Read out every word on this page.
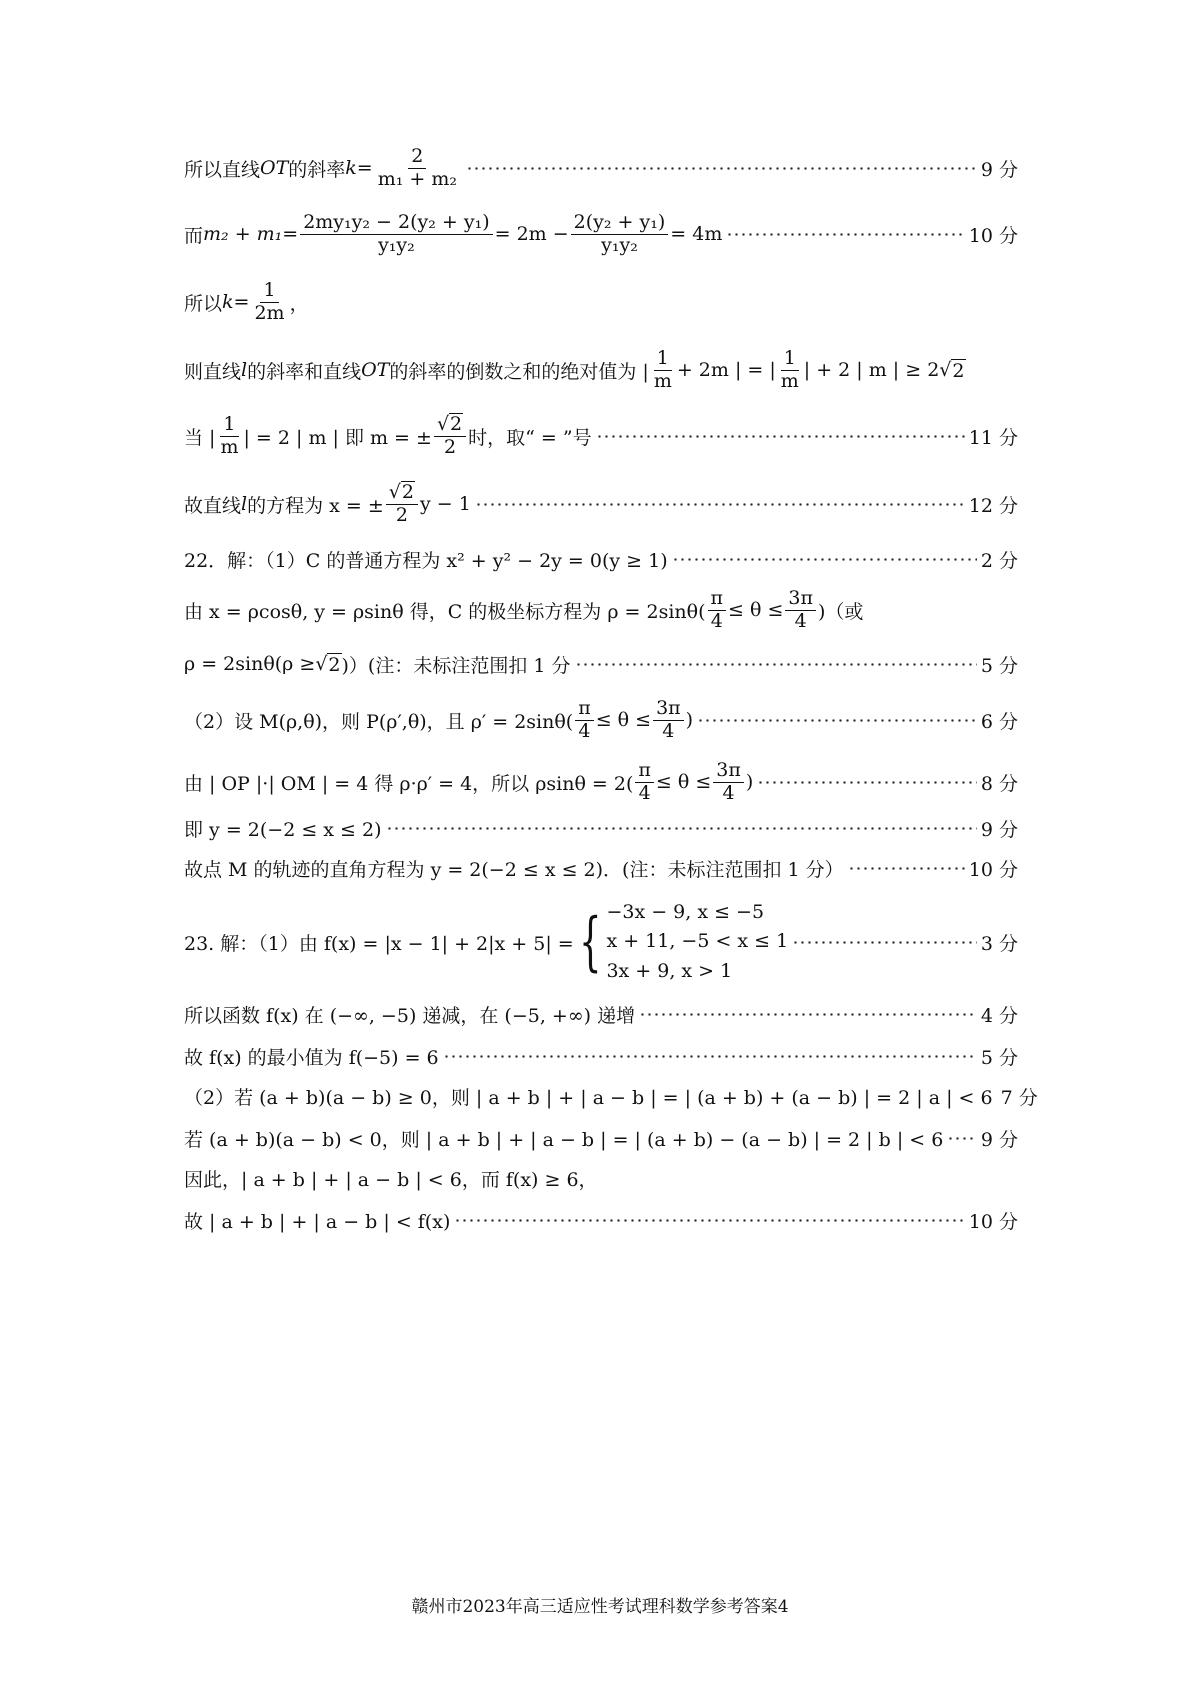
所以直线 OT 的斜率 $k = \frac{2}{\text{m₁ + m₂}}$	9 分
而 $m_2 + m_1 = \frac{\text{2my₁y₂ − 2(y₂ + y₁)}}{\text{y₁y₂}} = 2m - \frac{\text{2(y₂ + y₁)}}{\text{y₁y₂}} = 4m$	10 分
所以 $k = \frac{1}{2m}$ ，
则直线 l 的斜率和直线 OT 的斜率的倒数之和的绝对值为 | $\frac{1}{m} + 2m$ | = | $\frac{1}{m}$ | + 2 | m | ≥ 2 √ 2
当 | $\frac{1}{m}$ | = 2 | m | 即 m = ± $\frac{√ 2}{2}$ 时，取“ = ”号	11 分
故直线 l 的方程为 x = ± $\frac{√ 2}{2}$ y − 1	12 分
22．解：（1）C 的普通方程为 x² + y² − 2y = 0(y ≥ 1)	2 分
由 x = ρcosθ, y = ρsinθ 得，C 的极坐标方程为 $\rho = 2\sin\theta( \frac{\pi}{4} \le \theta \le \frac{3\pi}{4}$ )（或
ρ = 2sinθ(ρ ≥ √ 2 )）(注：未标注范围扣 1 分	5 分
（2）设 M(ρ,θ)，则 P(ρ′,θ)，且 $\rho' = 2\sin\theta( \frac{\pi}{4} \le \theta \le \frac{3\pi}{4}$ )	6 分
由 | OP |·| OM | = 4 得 ρ·ρ′ = 4，所以 $\rho\sin\theta = 2( \frac{\pi}{4} \le \theta \le \frac{3\pi}{4}$ )	8 分
即 y = 2(−2 ≤ x ≤ 2)	9 分
故点 M 的轨迹的直角方程为 y = 2(−2 ≤ x ≤ 2)．(注：未标注范围扣 1 分）	10 分
23. 解：（1）由 f(x) = |x − 1| + 2|x + 5| = { −3x − 9, x ≤ −5
x + 11, −5 < x ≤ 1
3x + 9, x > 1
3 分
所以函数 f(x) 在 (−∞, −5) 递减，在 (−5, +∞) 递增	4 分
故 f(x) 的最小值为 f(−5) = 6	5 分
（2）若 (a + b)(a − b) ≥ 0，则 | a + b | + | a − b | = | (a + b) + (a − b) | = 2 | a | < 6 7 分
若 (a + b)(a − b) < 0，则 | a + b | + | a − b | = | (a + b) − (a − b) | = 2 | b | < 6 9 分
因此，| a + b | + | a − b | < 6，而 f(x) ≥ 6，
故 | a + b | + | a − b | < f(x)	10 分
赣州市2023年高三适应性考试理科数学参考答案4
